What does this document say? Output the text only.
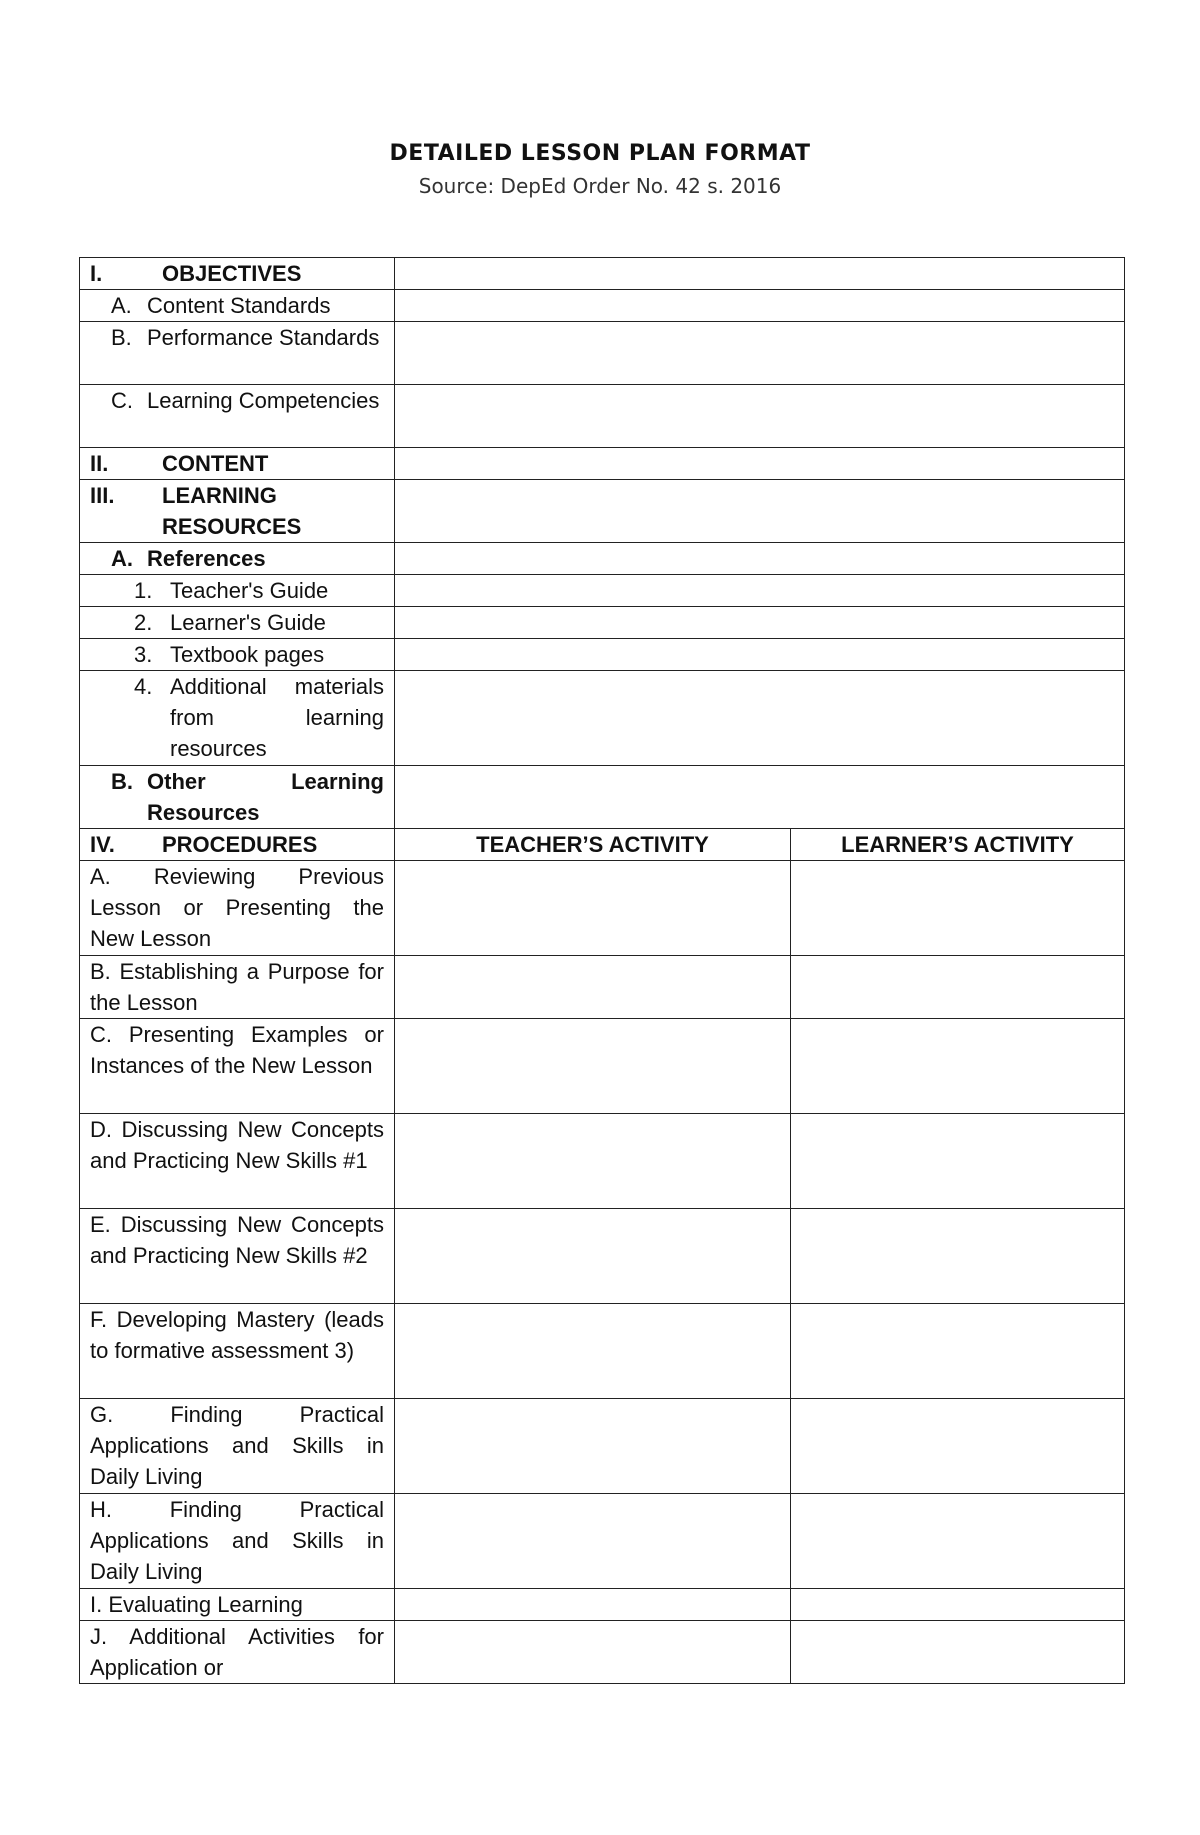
DETAILED LESSON PLAN FORMAT
Source: DepEd Order No. 42 s. 2016
I. OBJECTIVES		

A. Content Standards		

B. Performance Standards		

C. Learning Competencies		

II. CONTENT		

III. LEARNING RESOURCES		

A. References		

1. Teacher's Guide		

2. Learner's Guide		

3. Textbook pages		

4. Additional materials from learning resources		

B. Other Learning Resources		

IV. PROCEDURES	TEACHER’S ACTIVITY	LEARNER’S ACTIVITY
A. Reviewing Previous Lesson or Presenting the New Lesson		
B. Establishing a Purpose for the Lesson		
C. Presenting Examples or Instances of the New Lesson		
D. Discussing New Concepts and Practicing New Skills #1		
E. Discussing New Concepts and Practicing New Skills #2		
F. Developing Mastery (leads to formative assessment 3)		
G. Finding Practical Applications and Skills in Daily Living		
H. Finding Practical Applications and Skills in Daily Living		
I. Evaluating Learning		
J. Additional Activities for Application or		
